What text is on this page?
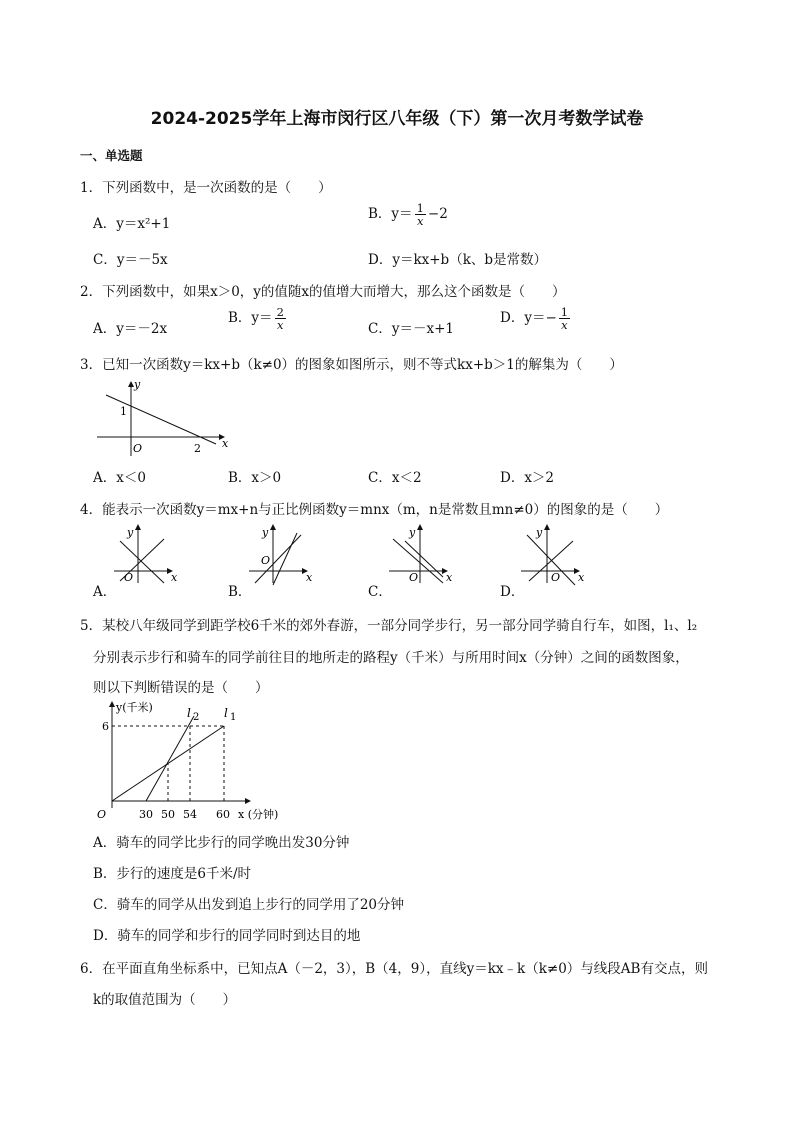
2024-2025学年上海市闵行区八年级（下）第一次月考数学试卷
一、单选题
1．下列函数中，是一次函数的是（　　）
A．y＝x²+1
B．$y= \frac{1}{x} -2$
C．y＝－5x	D．y＝kx+b（k、b是常数）
2．下列函数中，如果x＞0，y的值随x的值增大而增大，那么这个函数是（　　）
A．y＝－2x
B．$y= \frac{2}{x}$	C．y＝－x+1
D．$y=- \frac{1}{x}$
3．已知一次函数y＝kx+b（k≠0）的图象如图所示，则不等式kx+b＞1的解集为（　　）
y
x
O
1
2
A．x＜0	B．x＞0	C．x＜2	D．x＞2
4．能表示一次函数y＝mx+n与正比例函数y＝mnx（m，n是常数且mn≠0）的图象的是（　　）
A．
y
x
O
B．
y
x
O
C．
y
x
O
D．
y
x
O
5．某校八年级同学到距学校6千米的郊外春游，一部分同学步行，另一部分同学骑自行车，如图，l₁、l₂
分别表示步行和骑车的同学前往目的地所走的路程y（千米）与所用时间x（分钟）之间的函数图象，
则以下判断错误的是（　　）
y(千米)
6
l 2 l 1
O	30 50 54 60 x (分钟)
A．骑车的同学比步行的同学晚出发30分钟
B．步行的速度是6千米/时
C．骑车的同学从出发到追上步行的同学用了20分钟
D．骑车的同学和步行的同学同时到达目的地
6．在平面直角坐标系中，已知点A（－2，3），B（4，9），直线y＝kx﹣k（k≠0）与线段AB有交点，则
k的取值范围为（　　）
